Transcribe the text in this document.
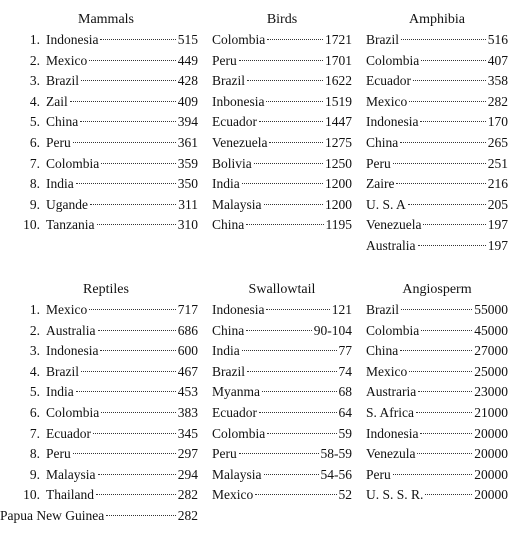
Mammals
1. Indonesia	515
2. Mexico	449
3. Brazil	428
4. Zail	409
5. China	394
6. Peru	361
7. Colombia	359
8. India	350
9. Ugande	311
10. Tanzania	310
Birds
Colombia	1721
Peru	1701
Brazil	1622
Inbonesia	1519
Ecuador	1447
Venezuela	1275
Bolivia	1250
India	1200
Malaysia	1200
China	1195
Amphibia
Brazil	516
Colombia	407
Ecuador	358
Mexico	282
Indonesia	170
China	265
Peru	251
Zaire	216
U. S. A	205
Venezuela	197
Australia	197
Reptiles
1. Mexico	717
2. Australia	686
3. Indonesia	600
4. Brazil	467
5. India	453
6. Colombia	383
7. Ecuador	345
8. Peru	297
9. Malaysia	294
10. Thailand	282
Papua New Guinea	282
Swallowtail
Indonesia	121
China	90-104
India	77
Brazil	74
Myanma	68
Ecuador	64
Colombia	59
Peru	58-59
Malaysia	54-56
Mexico	52
Angiosperm
Brazil	55000
Colombia	45000
China	27000
Mexico	25000
Austraria	23000
S. Africa	21000
Indonesia	20000
Venezula	20000
Peru	20000
U. S. S. R.	20000
